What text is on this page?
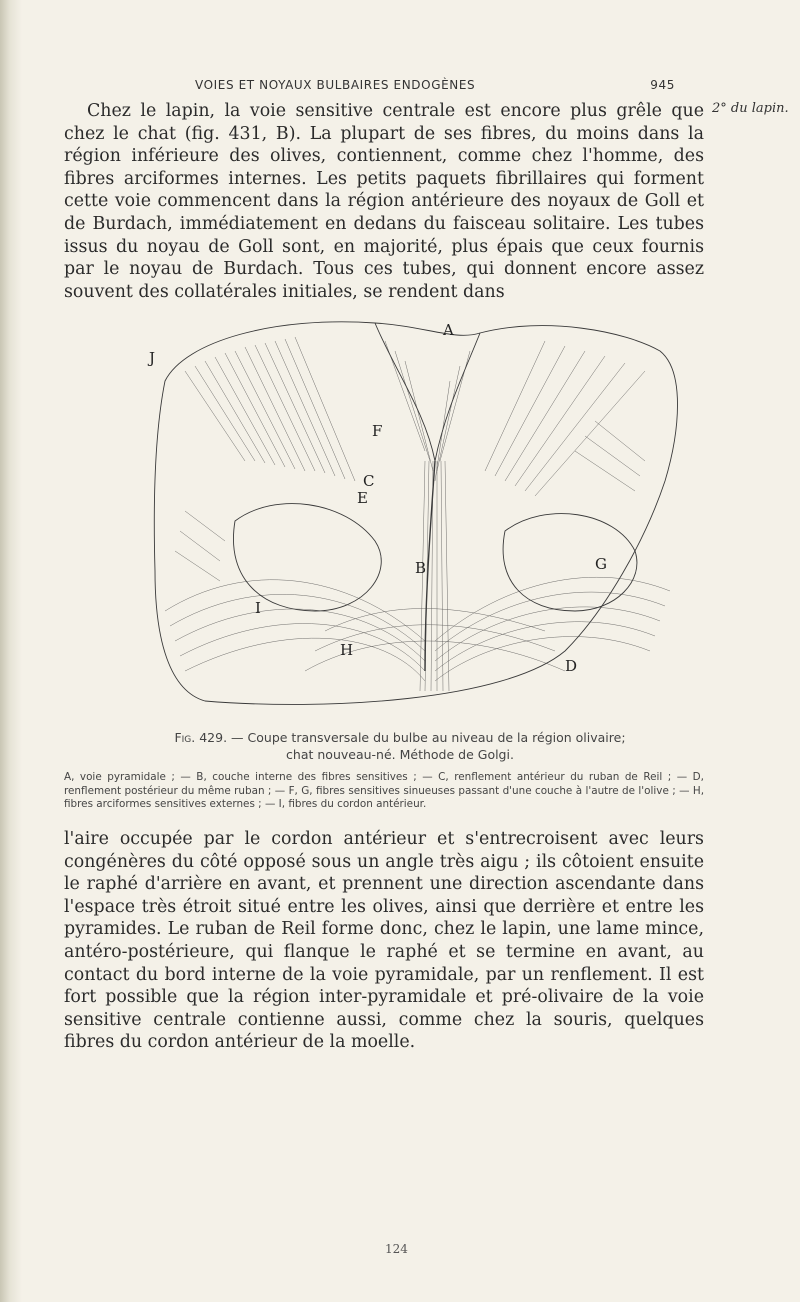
VOIES ET NOYAUX BULBAIRES ENDOGÈNES	945
2° du lapin.

Chez le lapin, la voie sensitive centrale est encore plus grêle que chez le chat (fig. 431, B). La plupart de ses fibres, du moins dans la région inférieure des olives, contiennent, comme chez l'homme, des fibres arciformes internes. Les petits paquets fibrillaires qui forment cette voie commencent dans la région antérieure des noyaux de Goll et de Burdach, immédiatement en dedans du faisceau solitaire. Les tubes issus du noyau de Goll sont, en majorité, plus épais que ceux fournis par le noyau de Burdach. Tous ces tubes, qui donnent encore assez souvent des collatérales initiales, se rendent dans

A
J
F
C
E
B	G
I
H
D
Fig. 429. — Coupe transversale du bulbe au niveau de la région olivaire;
chat nouveau-né. Méthode de Golgi.
A, voie pyramidale ; — B, couche interne des fibres sensitives ; — C, renflement antérieur du ruban de Reil ; — D, renflement postérieur du même ruban ; — F, G, fibres sensitives sinueuses passant d'une couche à l'autre de l'olive ; — H, fibres arciformes sensitives externes ; — I, fibres du cordon antérieur.

l'aire occupée par le cordon antérieur et s'entrecroisent avec leurs congénères du côté opposé sous un angle très aigu ; ils côtoient ensuite le raphé d'arrière en avant, et prennent une direction ascendante dans l'espace très étroit situé entre les olives, ainsi que derrière et entre les pyramides. Le ruban de Reil forme donc, chez le lapin, une lame mince, antéro-postérieure, qui flanque le raphé et se termine en avant, au contact du bord interne de la voie pyramidale, par un renflement. Il est fort possible que la région inter-pyramidale et pré-olivaire de la voie sensitive centrale contienne aussi, comme chez la souris, quelques fibres du cordon antérieur de la moelle.

124
